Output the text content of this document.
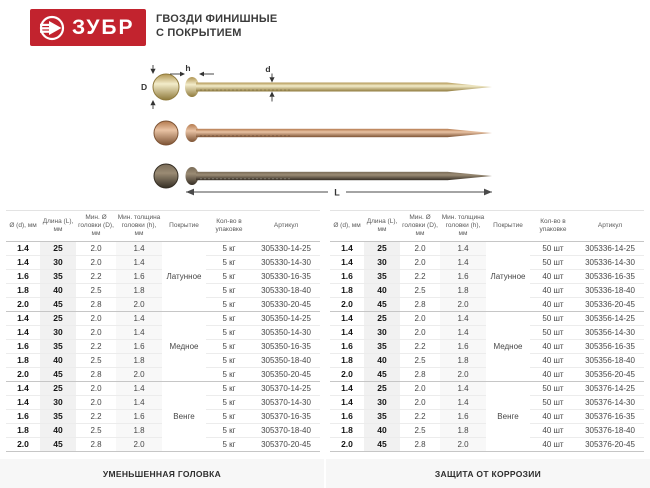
ЗУБР ГВОЗДИ ФИНИШНЫЕ
С ПОКРЫТИЕМ
D
h	d
L
Ø (d), мм	Длина (L), мм	Мин. Ø головки (D), мм	Мин. толщина головки (h), мм	Покрытие	Кол-во в упаковке	Артикул
1.4	25	2.0	1.4	Латунное	5 кг	305330-14-25
1.4	30	2.0	1.4		5 кг	305330-14-30
1.6	35	2.2	1.6		5 кг	305330-16-35
1.8	40	2.5	1.8		5 кг	305330-18-40
2.0	45	2.8	2.0		5 кг	305330-20-45
1.4	25	2.0	1.4	Медное	5 кг	305350-14-25
1.4	30	2.0	1.4		5 кг	305350-14-30
1.6	35	2.2	1.6		5 кг	305350-16-35
1.8	40	2.5	1.8		5 кг	305350-18-40
2.0	45	2.8	2.0		5 кг	305350-20-45
1.4	25	2.0	1.4	Венге	5 кг	305370-14-25
1.4	30	2.0	1.4		5 кг	305370-14-30
1.6	35	2.2	1.6		5 кг	305370-16-35
1.8	40	2.5	1.8		5 кг	305370-18-40
2.0	45	2.8	2.0		5 кг	305370-20-45
Ø (d), мм	Длина (L), мм	Мин. Ø головки (D), мм	Мин. толщина головки (h), мм	Покрытие	Кол-во в упаковке	Артикул
1.4	25	2.0	1.4	Латунное	50 шт	305336-14-25
1.4	30	2.0	1.4		50 шт	305336-14-30
1.6	35	2.2	1.6		40 шт	305336-16-35
1.8	40	2.5	1.8		40 шт	305336-18-40
2.0	45	2.8	2.0		40 шт	305336-20-45
1.4	25	2.0	1.4	Медное	50 шт	305356-14-25
1.4	30	2.0	1.4		50 шт	305356-14-30
1.6	35	2.2	1.6		40 шт	305356-16-35
1.8	40	2.5	1.8		40 шт	305356-18-40
2.0	45	2.8	2.0		40 шт	305356-20-45
1.4	25	2.0	1.4	Венге	50 шт	305376-14-25
1.4	30	2.0	1.4		50 шт	305376-14-30
1.6	35	2.2	1.6		40 шт	305376-16-35
1.8	40	2.5	1.8		40 шт	305376-18-40
2.0	45	2.8	2.0		40 шт	305376-20-45
УМЕНЬШЕННАЯ ГОЛОВКА	ЗАЩИТА ОТ КОРРОЗИИ
